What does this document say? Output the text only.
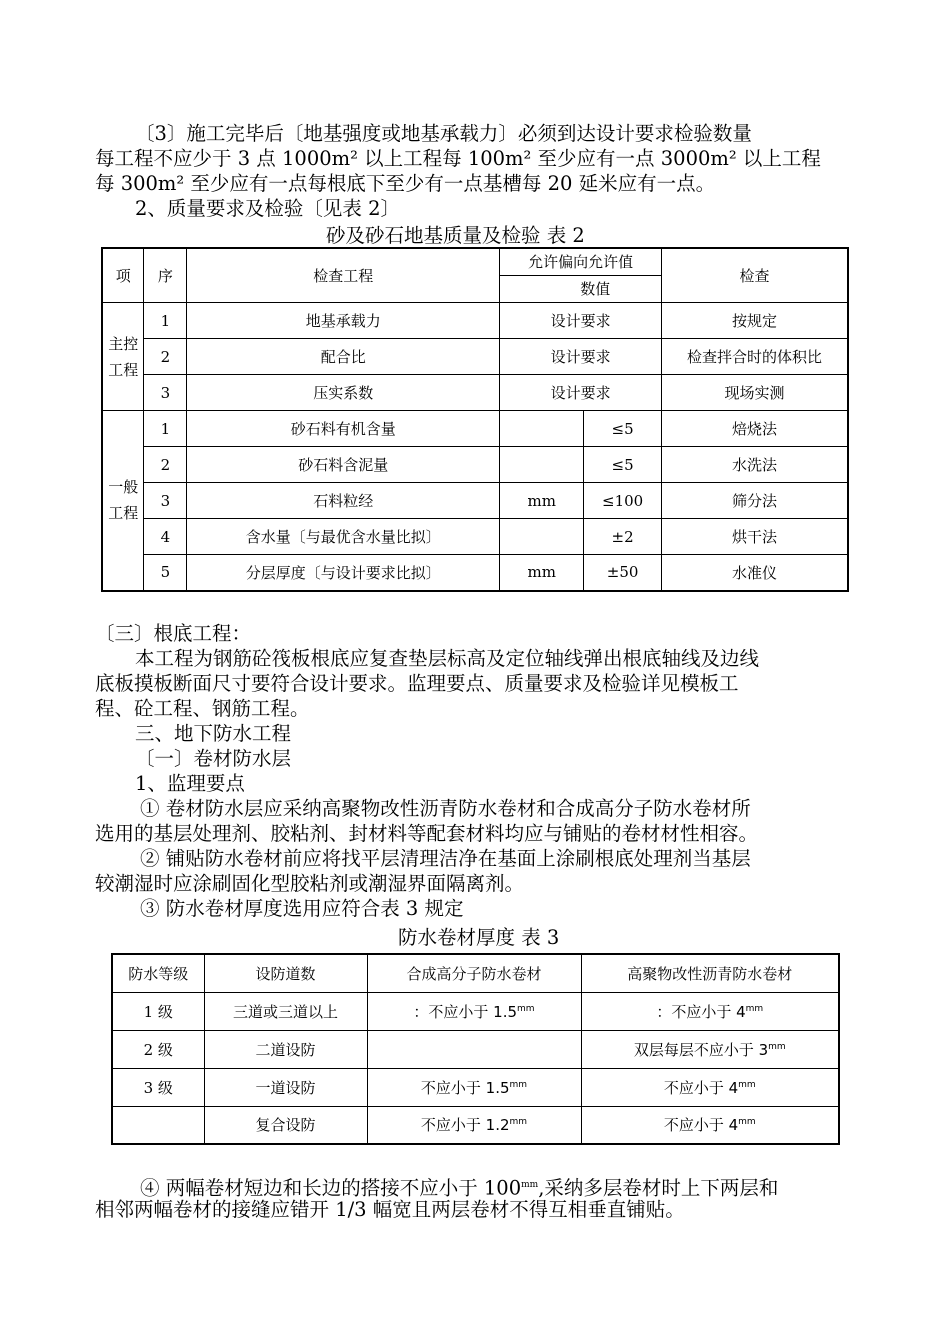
〔3〕施工完毕后〔地基强度或地基承载力〕必须到达设计要求检验数量
每工程不应少于 3 点 1000m² 以上工程每 100m² 至少应有一点 3000m² 以上工程
每 300m² 至少应有一点每根底下至少有一点基槽每 20 延米应有一点。
2、质量要求及检验〔见表 2〕
砂及砂石地基质量及检验 表 2
项	序	检查工程	允许偏向允许值
数值		检查
主控
工程	1	地基承载力	设计要求		按规定
	2	配合比	设计要求		检查拌合时的体积比
	3	压实系数	设计要求		现场实测
一般
工程	1	砂石料有机含量		≤5	焙烧法
	2	砂石料含泥量		≤5	水洗法
	3	石料粒经	mm	≤100	筛分法
	4	含水量〔与最优含水量比拟〕		±2	烘干法
	5	分层厚度〔与设计要求比拟〕	mm	±50	水准仪
〔三〕根底工程：
本工程为钢筋砼筏板根底应复查垫层标高及定位轴线弹出根底轴线及边线
底板摸板断面尺寸要符合设计要求。监理要点、质量要求及检验详见模板工
程、砼工程、钢筋工程。
三、地下防水工程
〔一〕卷材防水层
1、监理要点
① 卷材防水层应采纳高聚物改性沥青防水卷材和合成高分子防水卷材所
选用的基层处理剂、胶粘剂、封材料等配套材料均应与铺贴的卷材材性相容。
② 铺贴防水卷材前应将找平层清理洁净在基面上涂刷根底处理剂当基层
较潮湿时应涂刷固化型胶粘剂或潮湿界面隔离剂。
③ 防水卷材厚度选用应符合表 3 规定
防水卷材厚度 表 3
防水等级	设防道数	合成高分子防水卷材	高聚物改性沥青防水卷材
1 级	三道或三道以上	：不应小于 $1.5^{mm}$	：不应小于 $4^{mm}$
2 级	二道设防		双层每层不应小于 $3^{mm}$
3 级	一道设防	不应小于 $1.5^{mm}$	不应小于 $4^{mm}$
	复合设防	不应小于 $1.2^{mm}$	不应小于 $4^{mm}$
④ 两幅卷材短边和长边的搭接不应小于 $100^{mm}$,采纳多层卷材时上下两层和
相邻两幅卷材的接缝应错开 1/3 幅宽且两层卷材不得互相垂直铺贴。
